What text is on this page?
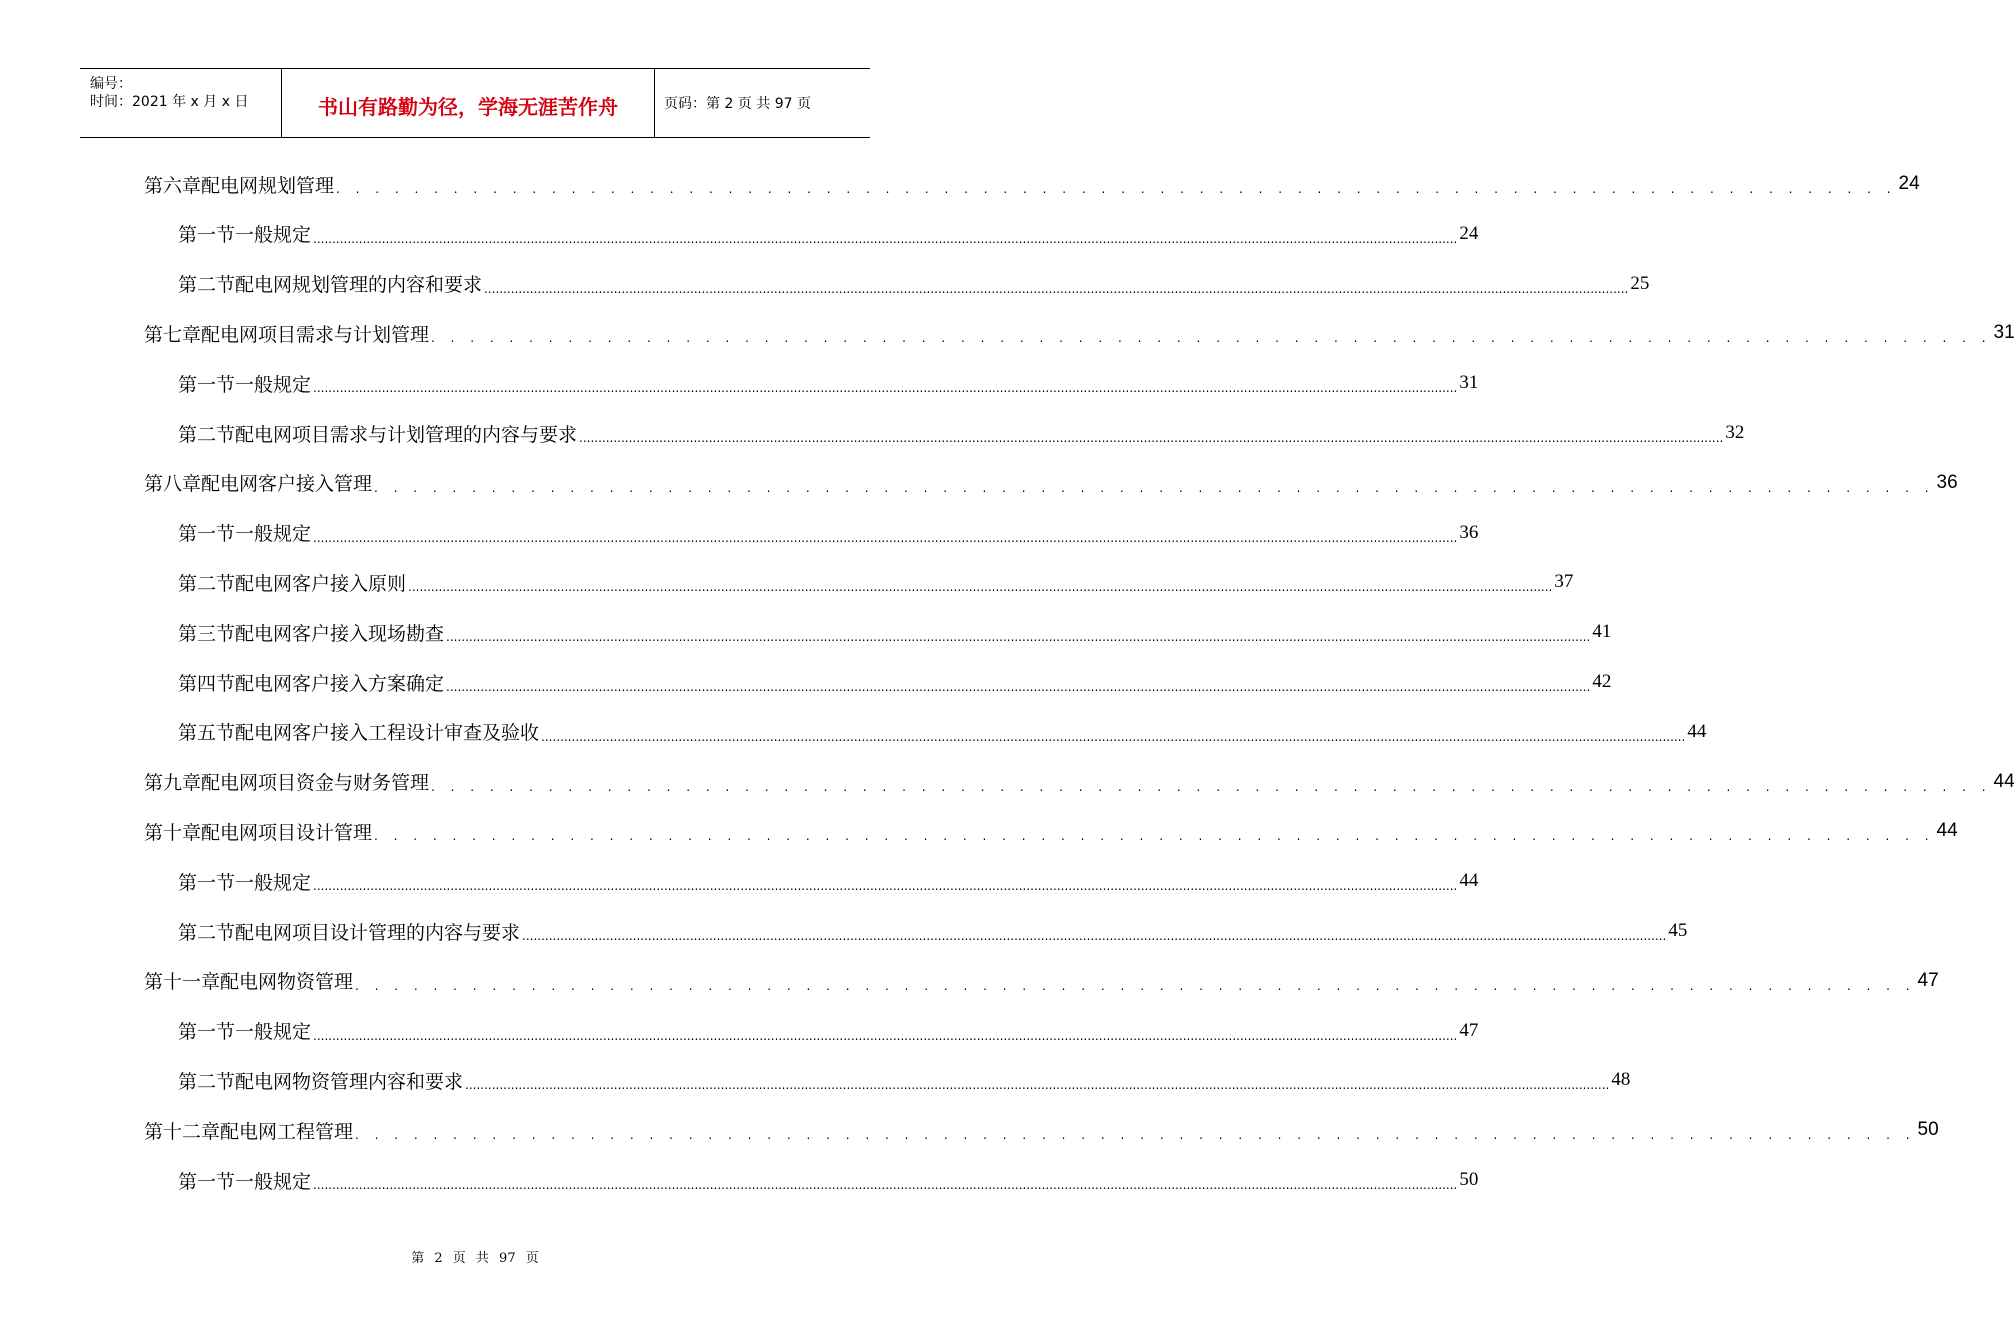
编号：
时间：2021 年 x 月 x 日	书山有路勤为径，学海无涯苦作舟	页码：第 2 页 共 97 页
第六章 配电网规划管理 . . . . . . . . . . . . . . . . . . . . . . . . . . . . . . . . . . . . . . . . . . . . . . . . . . . . . . . . . . . . . . . . . . . . . . . . . . . . . . . . 24
第一节 一般规定 ............................................................................................................................................................................................................................................................................................................ 24
第二节 配电网规划管理的内容和要求 ............................................................................................................................................................................................................................................................................................................ 25
第七章 配电网项目需求与计划管理 . . . . . . . . . . . . . . . . . . . . . . . . . . . . . . . . . . . . . . . . . . . . . . . . . . . . . . . . . . . . . . . . . . . . . . . . . . . . . . . . 31
第一节 一般规定 ............................................................................................................................................................................................................................................................................................................ 31
第二节 配电网项目需求与计划管理的内容与要求 ............................................................................................................................................................................................................................................................................................................ 32
第八章 配电网客户接入管理 . . . . . . . . . . . . . . . . . . . . . . . . . . . . . . . . . . . . . . . . . . . . . . . . . . . . . . . . . . . . . . . . . . . . . . . . . . . . . . . . 36
第一节 一般规定 ............................................................................................................................................................................................................................................................................................................ 36
第二节 配电网客户接入原则 ............................................................................................................................................................................................................................................................................................................ 37
第三节 配电网客户接入现场勘查 ............................................................................................................................................................................................................................................................................................................ 41
第四节 配电网客户接入方案确定 ............................................................................................................................................................................................................................................................................................................ 42
第五节 配电网客户接入工程设计审查及验收 ............................................................................................................................................................................................................................................................................................................ 44
第九章 配电网项目资金与财务管理 . . . . . . . . . . . . . . . . . . . . . . . . . . . . . . . . . . . . . . . . . . . . . . . . . . . . . . . . . . . . . . . . . . . . . . . . . . . . . . . . 44
第十章 配电网项目设计管理 . . . . . . . . . . . . . . . . . . . . . . . . . . . . . . . . . . . . . . . . . . . . . . . . . . . . . . . . . . . . . . . . . . . . . . . . . . . . . . . . 44
第一节 一般规定 ............................................................................................................................................................................................................................................................................................................ 44
第二节 配电网项目设计管理的内容与要求 ............................................................................................................................................................................................................................................................................................................ 45
第十一章 配电网物资管理 . . . . . . . . . . . . . . . . . . . . . . . . . . . . . . . . . . . . . . . . . . . . . . . . . . . . . . . . . . . . . . . . . . . . . . . . . . . . . . . . 47
第一节 一般规定 ............................................................................................................................................................................................................................................................................................................ 47
第二节 配电网物资管理内容和要求 ............................................................................................................................................................................................................................................................................................................ 48
第十二章 配电网工程管理 . . . . . . . . . . . . . . . . . . . . . . . . . . . . . . . . . . . . . . . . . . . . . . . . . . . . . . . . . . . . . . . . . . . . . . . . . . . . . . . . 50
第一节 一般规定 ............................................................................................................................................................................................................................................................................................................ 50
第 2 页 共 97 页
